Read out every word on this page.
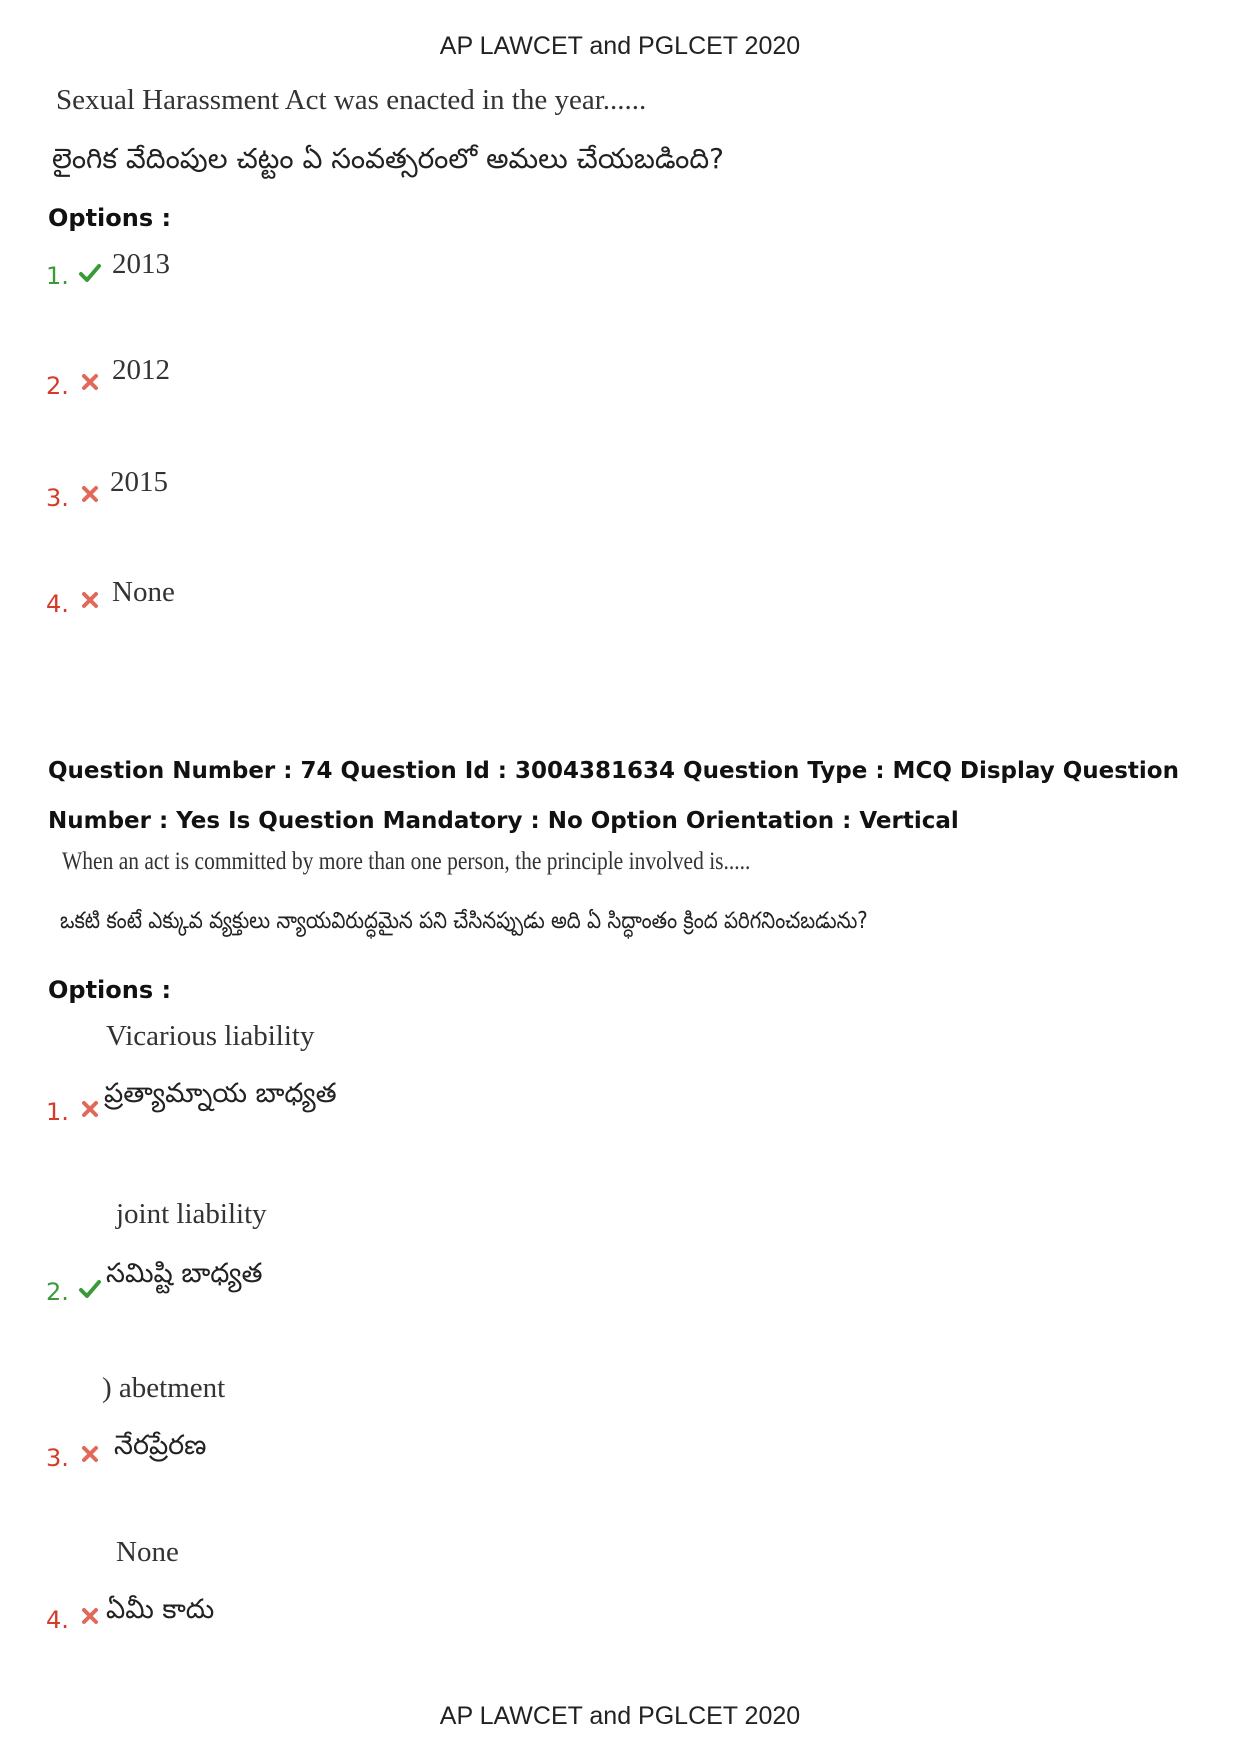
AP LAWCET and PGLCET 2020
Sexual Harassment Act was enacted in the year......
లైంగిక వేదింపుల చట్టం ఏ సంవత్సరంలో అమలు చేయబడింది?
Options :
1. 2013
2. 2012
3. 2015
4. None
Question Number : 74 Question Id : 3004381634 Question Type : MCQ Display Question
Number : Yes Is Question Mandatory : No Option Orientation : Vertical
When an act is committed by more than one person, the principle involved is.....
ఒకటి కంటే ఎక్కువ వ్యక్తులు న్యాయవిరుద్ధమైన పని చేసినప్పుడు అది ఏ సిద్ధాంతం క్రింద పరిగనించబడును?
Options :
Vicarious liability
ప్రత్యామ్నాయ బాధ్యత
1.
joint liability
సమిష్టి బాధ్యత
2.
) abetment
నేరప్రేరణ
3.
None
ఏమీ కాదు
4.
AP LAWCET and PGLCET 2020
